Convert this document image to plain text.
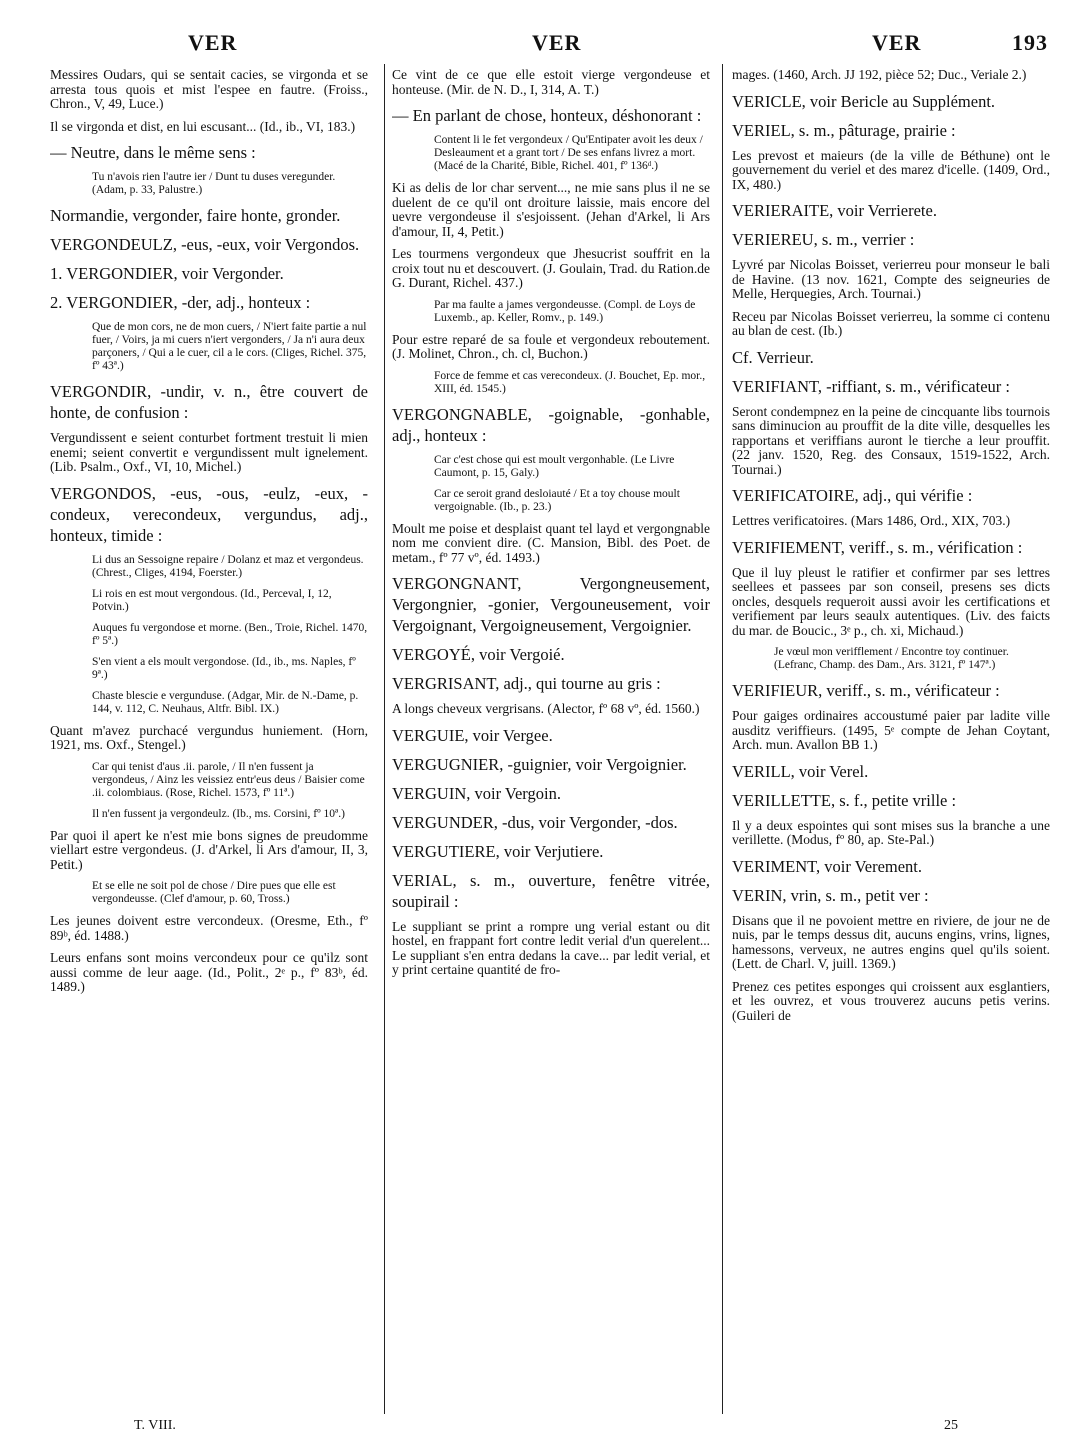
VER	VER	VER	193

Messires Oudars, qui se sentait cacies, se virgonda et se arresta tous quois et mist l'espee en fautre. (Froiss., Chron., V, 49, Luce.)

Il se virgonda et dist, en lui escusant... (Id., ib., VI, 183.)

— Neutre, dans le même sens :

Tu n'avois rien l'autre ier / Dunt tu duses veregunder. (Adam, p. 33, Palustre.)

Normandie, vergonder, faire honte, gronder.

VERGONDEULZ, -eus, -eux, voir Vergondos.

1. VERGONDIER, voir Vergonder.

2. VERGONDIER, -der, adj., honteux :

Que de mon cors, ne de mon cuers, / N'iert faite partie a nul fuer, / Voirs, ja mi cuers n'iert vergonders, / Ja n'i aura deux parçoners, / Qui a le cuer, cil a le cors. (Cliges, Richel. 375, fº 43ª.)

VERGONDIR, -undir, v. n., être couvert de honte, de confusion :

Vergundissent e seient conturbet fortment trestuit li mien enemi; seient convertit e vergundissent mult ignelement. (Lib. Psalm., Oxf., VI, 10, Michel.)

VERGONDOS, -eus, -ous, -eulz, -eux, -condeux, verecondeux, vergundus, adj., honteux, timide :

Li dus an Sessoigne repaire / Dolanz et maz et vergondeus. (Chrest., Cliges, 4194, Foerster.)

Li rois en est mout vergondous. (Id., Perceval, I, 12, Potvin.)

Auques fu vergondose et morne. (Ben., Troie, Richel. 1470, fº 5ª.)

S'en vient a els moult vergondose. (Id., ib., ms. Naples, fº 9ª.)

Chaste blescie e vergunduse. (Adgar, Mir. de N.-Dame, p. 144, v. 112, C. Neuhaus, Altfr. Bibl. IX.)

Quant m'avez purchacé vergundus huniement. (Horn, 1921, ms. Oxf., Stengel.)

Car qui tenist d'aus .ii. parole, / Il n'en fussent ja vergondeus, / Ainz les veissiez entr'eus deus / Baisier come .ii. colombiaus. (Rose, Richel. 1573, fº 11ª.)

Il n'en fussent ja vergondeulz. (Ib., ms. Corsini, fº 10ª.)

Par quoi il apert ke n'est mie bons signes de preudomme viellart estre vergondeus. (J. d'Arkel, li Ars d'amour, II, 3, Petit.)

Et se elle ne soit pol de chose / Dire pues que elle est vergondeusse. (Clef d'amour, p. 60, Tross.)

Les jeunes doivent estre vercondeux. (Oresme, Eth., fº 89ᵇ, éd. 1488.)

Leurs enfans sont moins vercondeux pour ce qu'ilz sont aussi comme de leur aage. (Id., Polit., 2ᵉ p., fº 83ᵇ, éd. 1489.)

Ce vint de ce que elle estoit vierge vergondeuse et honteuse. (Mir. de N. D., I, 314, A. T.)

— En parlant de chose, honteux, déshonorant :

Content li le fet vergondeux / Qu'Entipater avoit les deux / Desleaument et a grant tort / De ses enfans livrez a mort. (Macé de la Charité, Bible, Richel. 401, fº 136ᵈ.)

Ki as delis de lor char servent..., ne mie sans plus il ne se duelent de ce qu'il ont droiture laissie, mais encore del uevre vergondeuse il s'esjoissent. (Jehan d'Arkel, li Ars d'amour, II, 4, Petit.)

Les tourmens vergondeux que Jhesucrist souffrit en la croix tout nu et descouvert. (J. Goulain, Trad. du Ration.de G. Durant, Richel. 437.)

Par ma faulte a james vergondeusse. (Compl. de Loys de Luxemb., ap. Keller, Romv., p. 149.)

Pour estre reparé de sa foule et vergondeux reboutement. (J. Molinet, Chron., ch. cl, Buchon.)

Force de femme et cas verecondeux. (J. Bouchet, Ep. mor., XIII, éd. 1545.)

VERGONGNABLE, -goignable, -gonhable, adj., honteux :

Car c'est chose qui est moult vergonhable. (Le Livre Caumont, p. 15, Galy.)

Car ce seroit grand desloiauté / Et a toy chouse moult vergoignable. (Ib., p. 23.)

Moult me poise et desplaist quant tel layd et vergongnable nom me convient dire. (C. Mansion, Bibl. des Poet. de metam., fº 77 vº, éd. 1493.)

VERGONGNANT, Vergongneusement, Vergongnier, -gonier, Vergouneusement, voir Vergoignant, Vergoigneusement, Vergoignier.

VERGOYÉ, voir Vergoié.

VERGRISANT, adj., qui tourne au gris :

A longs cheveux vergrisans. (Alector, fº 68 vº, éd. 1560.)

VERGUIE, voir Vergee.

VERGUGNIER, -guignier, voir Vergoignier.

VERGUIN, voir Vergoin.

VERGUNDER, -dus, voir Vergonder, -dos.

VERGUTIERE, voir Verjutiere.

VERIAL, s. m., ouverture, fenêtre vitrée, soupirail :

Le suppliant se print a rompre ung verial estant ou dit hostel, en frappant fort contre ledit verial d'un querelent... Le suppliant s'en entra dedans la cave... par ledit verial, et y print certaine quantité de fro-

mages. (1460, Arch. JJ 192, pièce 52; Duc., Veriale 2.)

VERICLE, voir Bericle au Supplément.

VERIEL, s. m., pâturage, prairie :

Les prevost et maieurs (de la ville de Béthune) ont le gouvernement du veriel et des marez d'icelle. (1409, Ord., IX, 480.)

VERIERAITE, voir Verrierete.

VERIEREU, s. m., verrier :

Lyvré par Nicolas Boisset, verierreu pour monseur le bali de Havine. (13 nov. 1621, Compte des seigneuries de Melle, Herquegies, Arch. Tournai.)

Receu par Nicolas Boisset verierreu, la somme ci contenu au blan de cest. (Ib.)

Cf. Verrieur.

VERIFIANT, -riffiant, s. m., vérificateur :

Seront condempnez en la peine de cincquante libs tournois sans diminucion au prouffit de la dite ville, desquelles les rapportans et veriffians auront le tierche a leur prouffit. (22 janv. 1520, Reg. des Consaux, 1519-1522, Arch. Tournai.)

VERIFICATOIRE, adj., qui vérifie :

Lettres verificatoires. (Mars 1486, Ord., XIX, 703.)

VERIFIEMENT, veriff., s. m., vérification :

Que il luy pleust le ratifier et confirmer par ses lettres seellees et passees par son conseil, presens ses dicts oncles, desquels requeroit aussi avoir les certifications et verifiement par leurs seaulx autentiques. (Liv. des faicts du mar. de Boucic., 3ᵉ p., ch. xi, Michaud.)

Je vœul mon verifflement / Encontre toy continuer. (Lefranc, Champ. des Dam., Ars. 3121, fº 147ª.)

VERIFIEUR, veriff., s. m., vérificateur :

Pour gaiges ordinaires accoustumé paier par ladite ville ausditz veriffieurs. (1495, 5ᵉ compte de Jehan Coytant, Arch. mun. Avallon BB 1.)

VERILL, voir Verel.

VERILLETTE, s. f., petite vrille :

Il y a deux espointes qui sont mises sus la branche a une verillette. (Modus, fº 80, ap. Ste-Pal.)

VERIMENT, voir Verement.

VERIN, vrin, s. m., petit ver :

Disans que il ne povoient mettre en riviere, de jour ne de nuis, par le temps dessus dit, aucuns engins, vrins, lignes, hamessons, verveux, ne autres engins quel qu'ils soient. (Lett. de Charl. V, juill. 1369.)

Prenez ces petites esponges qui croissent aux esglantiers, et les ouvrez, et vous trouverez aucuns petis verins. (Guileri de

T. VIII.	25
